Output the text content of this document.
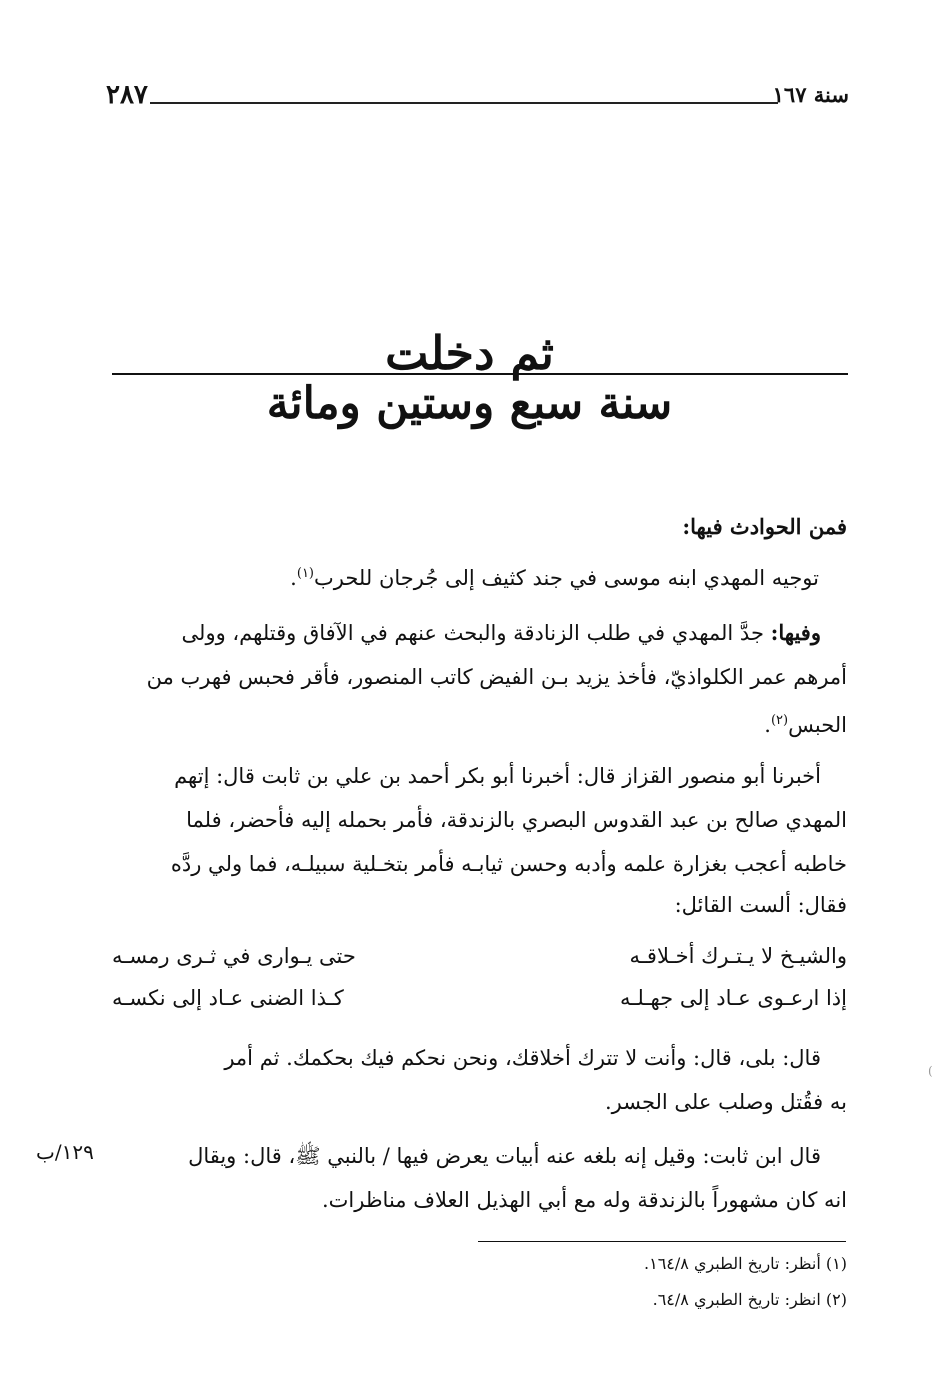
سنة ١٦٧
٢٨٧
ثم دخلت
سنة سبع وستين ومائة
فمن الحوادث فيها:
توجيه المهدي ابنه موسى في جند كثيف إلى جُرجان للحرب$^{(١)}$.
وفيها: جدَّ المهدي في طلب الزنادقة والبحث عنهم في الآفاق وقتلهم، وولى
أمرهم عمر الكلواذيّ، فأخذ يزيد بـن الفيض كاتب المنصور، فأقر فحبس فهرب من
الحبس$^{(٢)}$.
أخبرنا أبو منصور القزاز قال: أخبرنا أبو بكر أحمد بن علي بن ثابت قال: إتهم
المهدي صالح بن عبد القدوس البصري بالزندقة، فأمر بحمله إليه فأحضر، فلما
خاطبه أعجب بغزارة علمه وأدبه وحسن ثيابـه فأمر بتخـلية سبيلـه، فما ولي ردَّه
فقال: ألست القائل:
والشيـخ لا يـتـرك أخـلاقـه
حتى يـوارى في ثـرى رمسـه
إذا ارعـوى عـاد إلى جهـلـه
كـذا الضنى عـاد إلى نكسـه
قال: بلى، قال: وأنت لا تترك أخلاقك، ونحن نحكم فيك بحكمك. ثم أمر
به فقُتل وصلب على الجسر.
قال ابن ثابت: وقيل إنه بلغه عنه أبيات يعرض فيها / بالنبي ﷺ، قال: ويقال
انه كان مشهوراً بالزندقة وله مع أبي الهذيل العلاف مناظرات.
١٢٩/ب
(
(١) أنظر: تاريخ الطبري ١٦٤/٨.
(٢) انظر: تاريخ الطبري ٦٤/٨.
